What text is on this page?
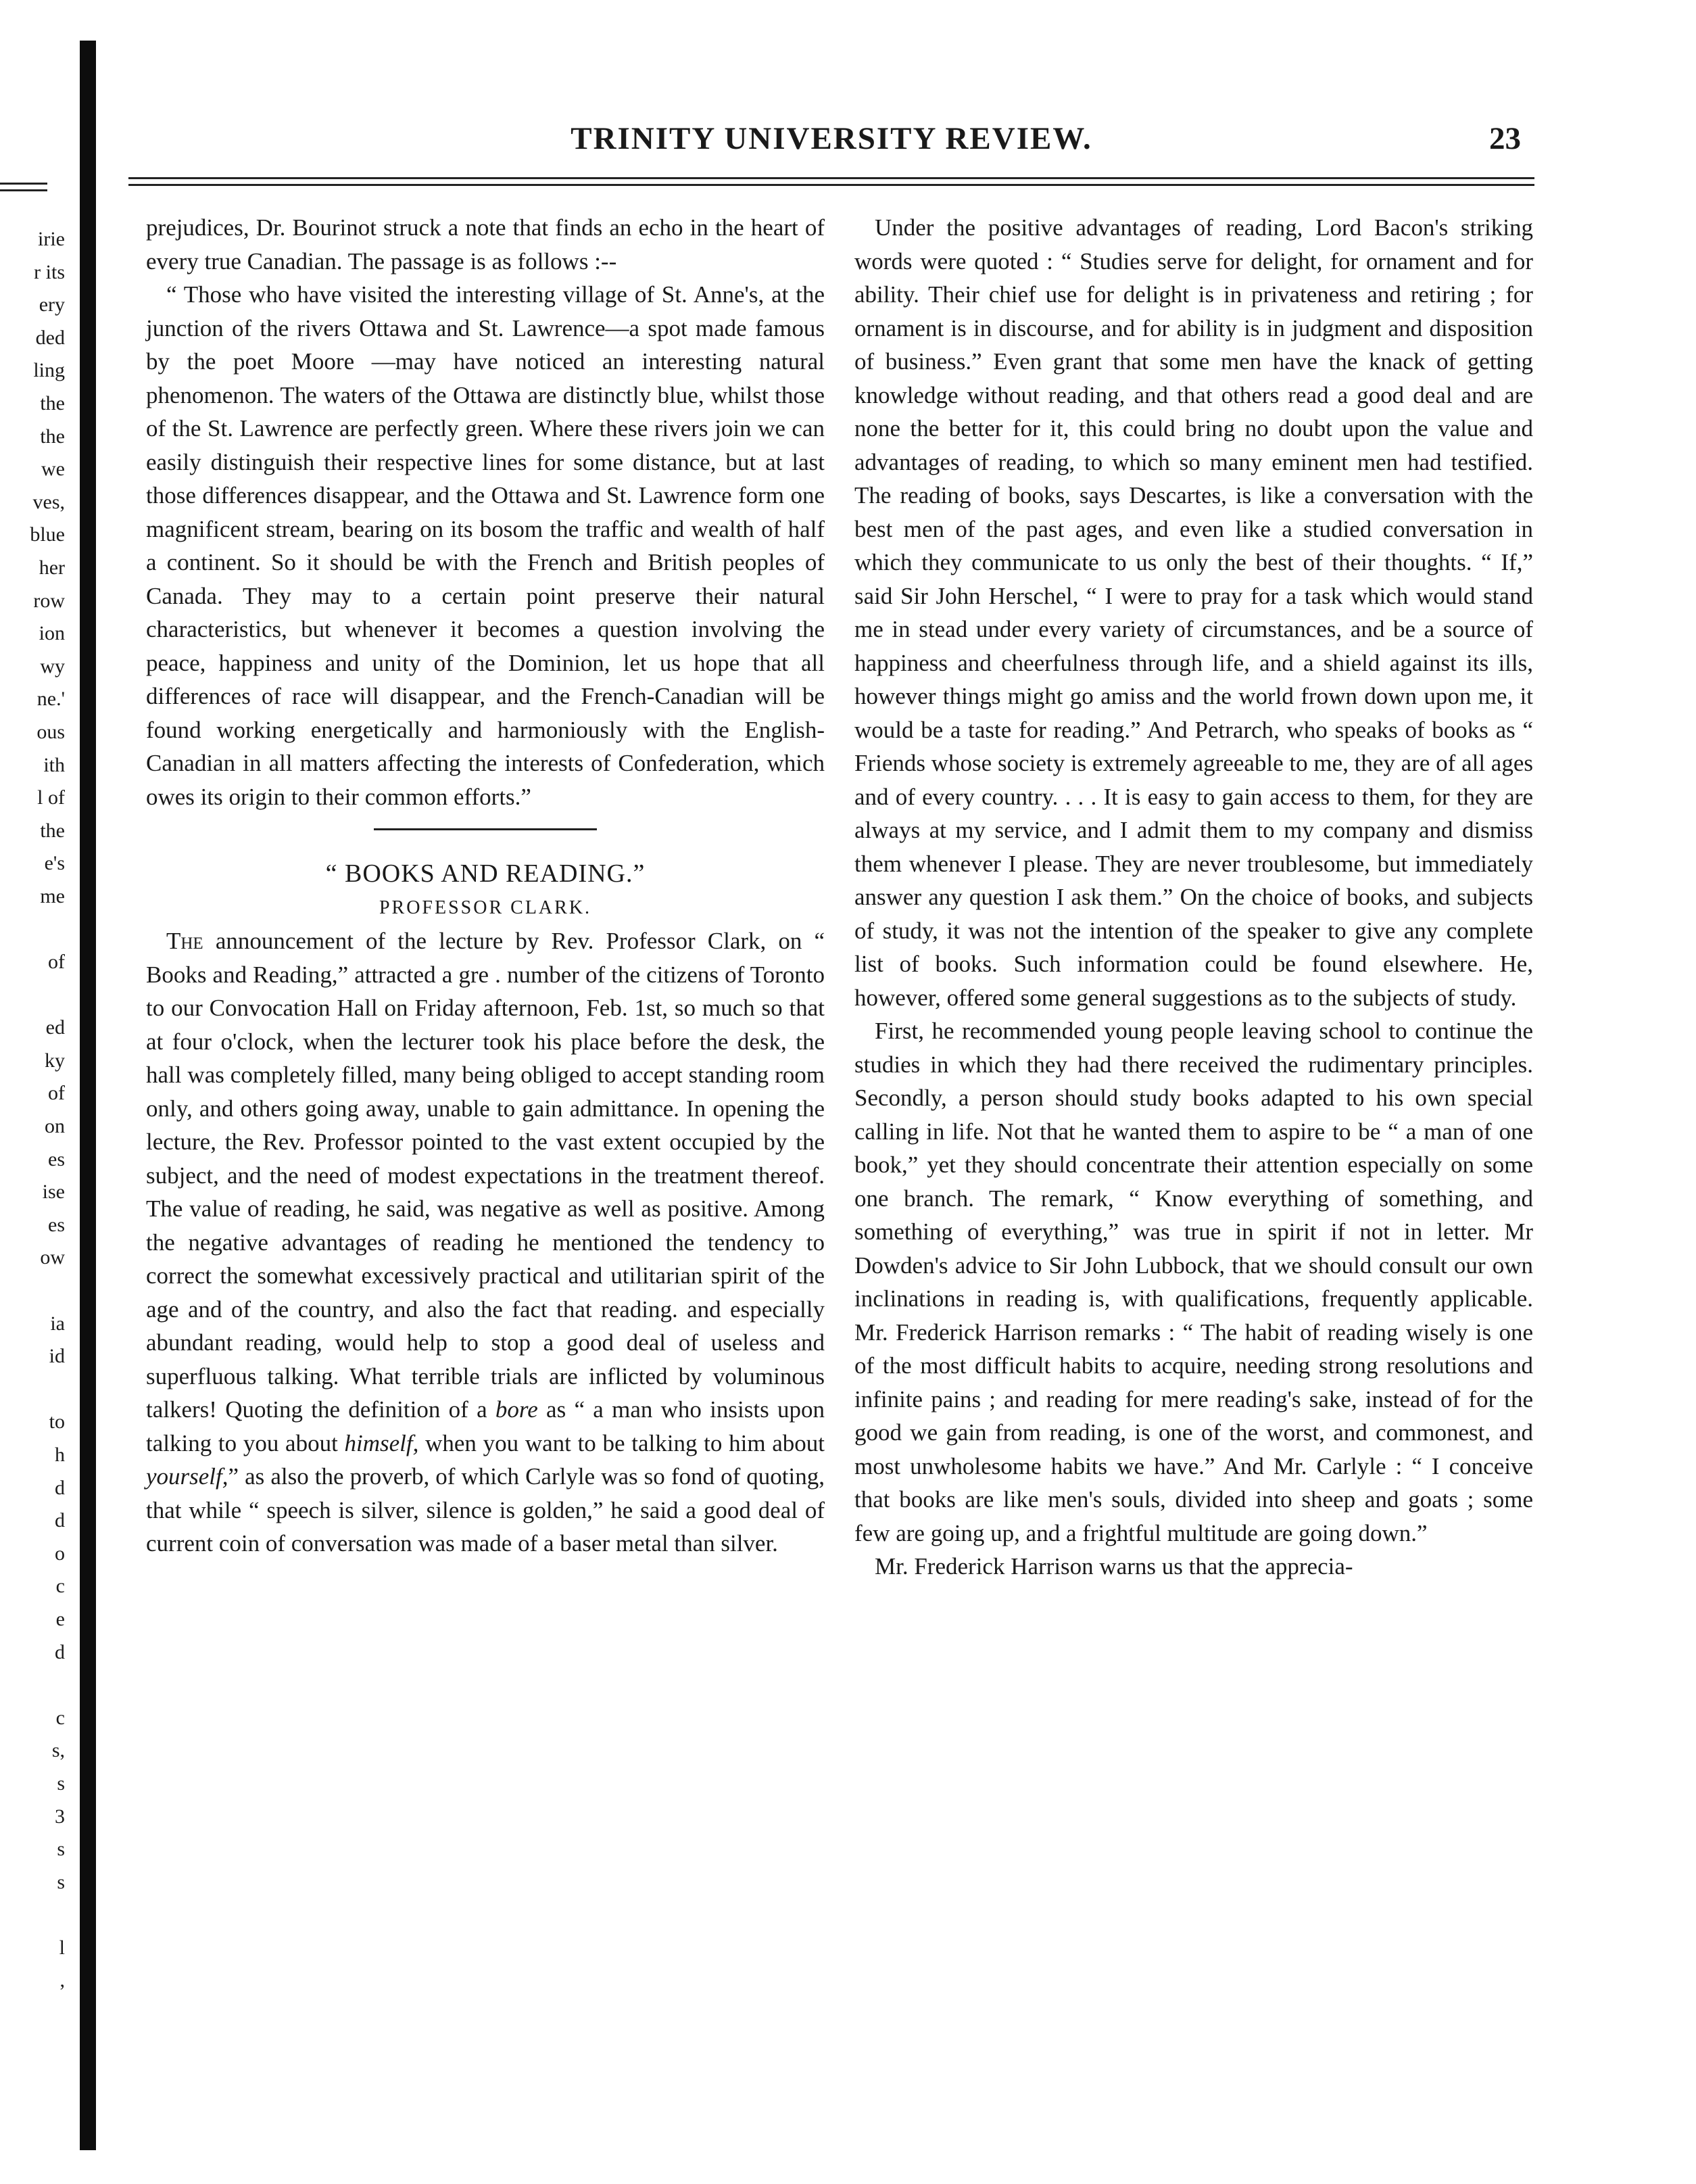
irie
r its
ery
ded
ling
the
the
we
ves,
blue
her
row
ion
wy
ne.'
ous
ith
l of
the
e's
me
of
ed
ky
of
on
es
ise
es
ow
ia
id
to
h
d
d
o
c
e
d
c
s,
s
3
s
s
l
,
TRINITY UNIVERSITY REVIEW.	23

prejudices, Dr. Bourinot struck a note that finds an echo in the heart of every true Canadian. The passage is as follows :--

“ Those who have visited the interesting village of St. Anne's, at the junction of the rivers Ottawa and St. Lawrence—a spot made famous by the poet Moore —may have noticed an interesting natural phenomenon. The waters of the Ottawa are distinctly blue, whilst those of the St. Lawrence are perfectly green. Where these rivers join we can easily distinguish their respective lines for some distance, but at last those differences disappear, and the Ottawa and St. Lawrence form one magnificent stream, bearing on its bosom the traffic and wealth of half a continent. So it should be with the French and British peoples of Canada. They may to a certain point preserve their natural characteristics, but whenever it becomes a question involving the peace, happiness and unity of the Dominion, let us hope that all differences of race will disappear, and the French-Canadian will be found working energetically and harmoniously with the English-Canadian in all matters affecting the interests of Confederation, which owes its origin to their common efforts.”

“ BOOKS AND READING.”

PROFESSOR CLARK.

The announcement of the lecture by Rev. Professor Clark, on “ Books and Reading,” attracted a gre . number of the citizens of Toronto to our Convocation Hall on Friday afternoon, Feb. 1st, so much so that at four o'clock, when the lecturer took his place before the desk, the hall was completely filled, many being obliged to accept standing room only, and others going away, unable to gain admittance. In opening the lecture, the Rev. Professor pointed to the vast extent occupied by the subject, and the need of modest expectations in the treatment thereof. The value of reading, he said, was negative as well as positive. Among the negative advantages of reading he mentioned the tendency to correct the somewhat excessively practical and utilitarian spirit of the age and of the country, and also the fact that reading. and especially abundant reading, would help to stop a good deal of useless and superfluous talking. What terrible trials are inflicted by voluminous talkers! Quoting the definition of a bore as “ a man who insists upon talking to you about himself, when you want to be talking to him about yourself,” as also the proverb, of which Carlyle was so fond of quoting, that while “ speech is silver, silence is golden,” he said a good deal of current coin of conversation was made of a baser metal than silver.

Under the positive advantages of reading, Lord Bacon's striking words were quoted : “ Studies serve for delight, for ornament and for ability. Their chief use for delight is in privateness and retiring ; for ornament is in discourse, and for ability is in judgment and disposition of business.” Even grant that some men have the knack of getting knowledge without reading, and that others read a good deal and are none the better for it, this could bring no doubt upon the value and advantages of reading, to which so many eminent men had testified. The reading of books, says Descartes, is like a conversation with the best men of the past ages, and even like a studied conversation in which they communicate to us only the best of their thoughts. “ If,” said Sir John Herschel, “ I were to pray for a task which would stand me in stead under every variety of circumstances, and be a source of happiness and cheerfulness through life, and a shield against its ills, however things might go amiss and the world frown down upon me, it would be a taste for reading.” And Petrarch, who speaks of books as “ Friends whose society is extremely agreeable to me, they are of all ages and of every country. . . . It is easy to gain access to them, for they are always at my service, and I admit them to my company and dismiss them whenever I please. They are never troublesome, but immediately answer any question I ask them.” On the choice of books, and subjects of study, it was not the intention of the speaker to give any complete list of books. Such information could be found elsewhere. He, however, offered some general suggestions as to the subjects of study.

First, he recommended young people leaving school to continue the studies in which they had there received the rudimentary principles. Secondly, a person should study books adapted to his own special calling in life. Not that he wanted them to aspire to be “ a man of one book,” yet they should concentrate their attention especially on some one branch. The remark, “ Know everything of something, and something of everything,” was true in spirit if not in letter. Mr Dowden's advice to Sir John Lubbock, that we should consult our own inclinations in reading is, with qualifications, frequently applicable. Mr. Frederick Harrison remarks : “ The habit of reading wisely is one of the most difficult habits to acquire, needing strong resolutions and infinite pains ; and reading for mere reading's sake, instead of for the good we gain from reading, is one of the worst, and commonest, and most unwholesome habits we have.” And Mr. Carlyle : “ I conceive that books are like men's souls, divided into sheep and goats ; some few are going up, and a frightful multitude are going down.”

Mr. Frederick Harrison warns us that the apprecia-
